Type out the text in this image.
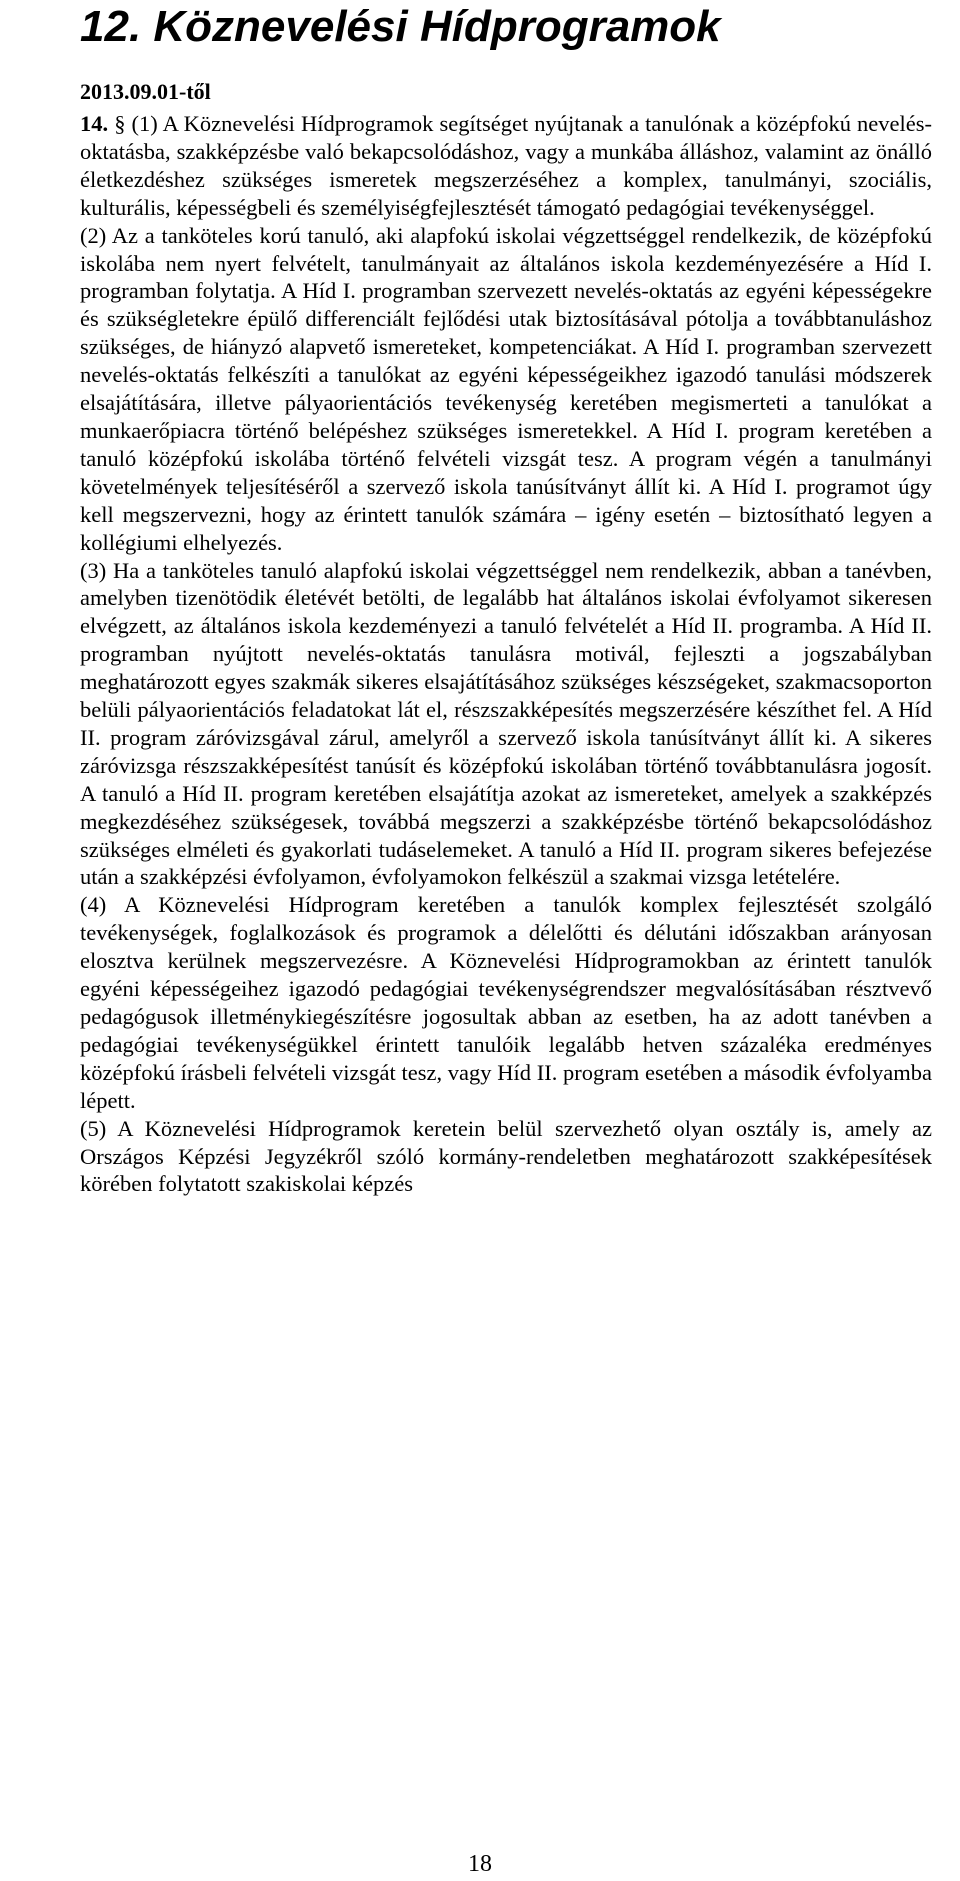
12. Köznevelési Hídprogramok
2013.09.01-től

14. § (1) A Köznevelési Hídprogramok segítséget nyújtanak a tanulónak a középfokú nevelés-oktatásba, szakképzésbe való bekapcsolódáshoz, vagy a munkába álláshoz, valamint az önálló életkezdéshez szükséges ismeretek megszerzéséhez a komplex, tanulmányi, szociális, kulturális, képességbeli és személyiségfejlesztését támogató pedagógiai tevékenységgel.

(2) Az a tanköteles korú tanuló, aki alapfokú iskolai végzettséggel rendelkezik, de középfokú iskolába nem nyert felvételt, tanulmányait az általános iskola kezdeményezésére a Híd I. programban folytatja. A Híd I. programban szervezett nevelés-oktatás az egyéni képességekre és szükségletekre épülő differenciált fejlődési utak biztosításával pótolja a továbbtanuláshoz szükséges, de hiányzó alapvető ismereteket, kompetenciákat. A Híd I. programban szervezett nevelés-oktatás felkészíti a tanulókat az egyéni képességeikhez igazodó tanulási módszerek elsajátítására, illetve pályaorientációs tevékenység keretében megismerteti a tanulókat a munkaerőpiacra történő belépéshez szükséges ismeretekkel. A Híd I. program keretében a tanuló középfokú iskolába történő felvételi vizsgát tesz. A program végén a tanulmányi követelmények teljesítéséről a szervező iskola tanúsítványt állít ki. A Híd I. programot úgy kell megszervezni, hogy az érintett tanulók számára – igény esetén – biztosítható legyen a kollégiumi elhelyezés.

(3) Ha a tanköteles tanuló alapfokú iskolai végzettséggel nem rendelkezik, abban a tanévben, amelyben tizenötödik életévét betölti, de legalább hat általános iskolai évfolyamot sikeresen elvégzett, az általános iskola kezdeményezi a tanuló felvételét a Híd II. programba. A Híd II. programban nyújtott nevelés-oktatás tanulásra motivál, fejleszti a jogszabályban meghatározott egyes szakmák sikeres elsajátításához szükséges készségeket, szakmacsoporton belüli pályaorientációs feladatokat lát el, részszakképesítés megszerzésére készíthet fel. A Híd II. program záróvizsgával zárul, amelyről a szervező iskola tanúsítványt állít ki. A sikeres záróvizsga részszakképesítést tanúsít és középfokú iskolában történő továbbtanulásra jogosít. A tanuló a Híd II. program keretében elsajátítja azokat az ismereteket, amelyek a szakképzés megkezdéséhez szükségesek, továbbá megszerzi a szakképzésbe történő bekapcsolódáshoz szükséges elméleti és gyakorlati tudáselemeket. A tanuló a Híd II. program sikeres befejezése után a szakképzési évfolyamon, évfolyamokon felkészül a szakmai vizsga letételére.

(4) A Köznevelési Hídprogram keretében a tanulók komplex fejlesztését szolgáló tevékenységek, foglalkozások és programok a délelőtti és délutáni időszakban arányosan elosztva kerülnek megszervezésre. A Köznevelési Hídprogramokban az érintett tanulók egyéni képességeihez igazodó pedagógiai tevékenységrendszer megvalósításában résztvevő pedagógusok illetménykiegészítésre jogosultak abban az esetben, ha az adott tanévben a pedagógiai tevékenységükkel érintett tanulóik legalább hetven százaléka eredményes középfokú írásbeli felvételi vizsgát tesz, vagy Híd II. program esetében a második évfolyamba lépett.

(5) A Köznevelési Hídprogramok keretein belül szervezhető olyan osztály is, amely az Országos Képzési Jegyzékről szóló kormány-rendeletben meghatározott szakképesítések körében folytatott szakiskolai képzés

18
